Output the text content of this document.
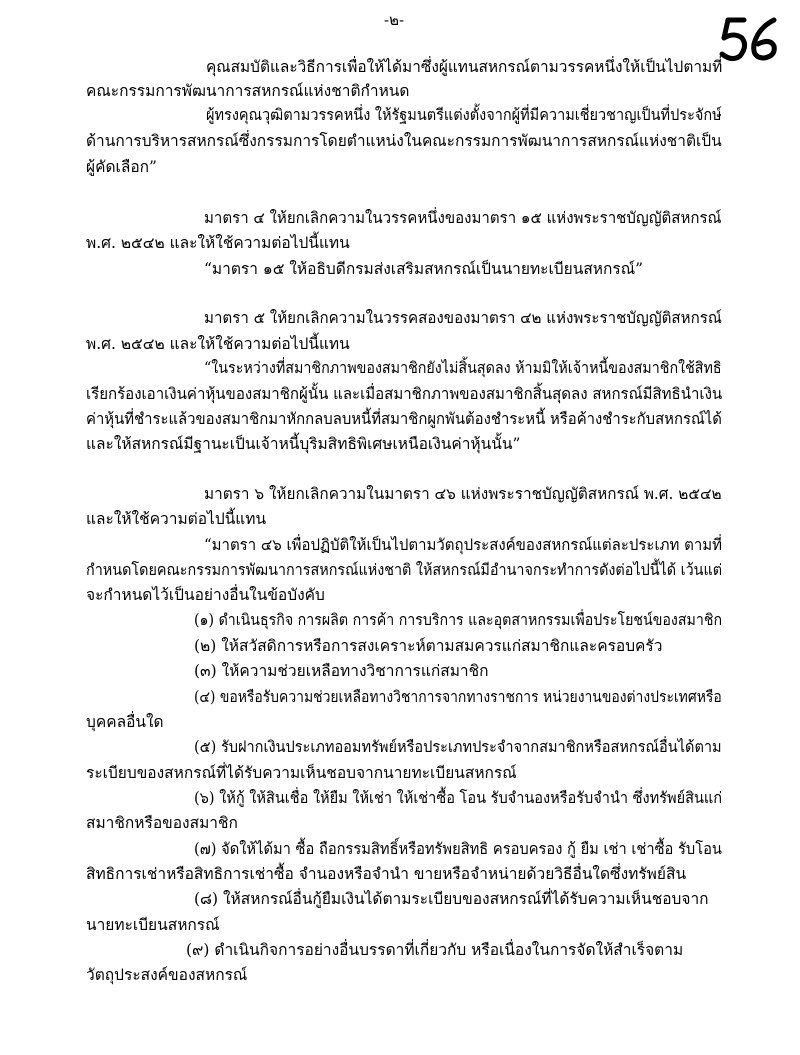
-๒-
คุณสมบัติและวิธีการเพื่อให้ได้มาซึ่งผู้แทนสหกรณ์ตามวรรคหนึ่งให้เป็นไปตามที่
คณะกรรมการพัฒนาการสหกรณ์แห่งชาติกำหนด
ผู้ทรงคุณวุฒิตามวรรคหนึ่ง ให้รัฐมนตรีแต่งตั้งจากผู้ที่มีความเชี่ยวชาญเป็นที่ประจักษ์
ด้านการบริหารสหกรณ์ซึ่งกรรมการโดยตำแหน่งในคณะกรรมการพัฒนาการสหกรณ์แห่งชาติเป็น
ผู้คัดเลือก”
มาตรา ๔ ให้ยกเลิกความในวรรคหนึ่งของมาตรา ๑๕ แห่งพระราชบัญญัติสหกรณ์
พ.ศ. ๒๕๔๒ และให้ใช้ความต่อไปนี้แทน
“มาตรา ๑๕ ให้อธิบดีกรมส่งเสริมสหกรณ์เป็นนายทะเบียนสหกรณ์”
มาตรา ๕ ให้ยกเลิกความในวรรคสองของมาตรา ๔๒ แห่งพระราชบัญญัติสหกรณ์
พ.ศ. ๒๕๔๒ และให้ใช้ความต่อไปนี้แทน
“ในระหว่างที่สมาชิกภาพของสมาชิกยังไม่สิ้นสุดลง ห้ามมิให้เจ้าหนี้ของสมาชิกใช้สิทธิ
เรียกร้องเอาเงินค่าหุ้นของสมาชิกผู้นั้น และเมื่อสมาชิกภาพของสมาชิกสิ้นสุดลง สหกรณ์มีสิทธินำเงิน
ค่าหุ้นที่ชำระแล้วของสมาชิกมาหักกลบลบหนี้ที่สมาชิกผูกพันต้องชำระหนี้ หรือค้างชำระกับสหกรณ์ได้
และให้สหกรณ์มีฐานะเป็นเจ้าหนี้บุริมสิทธิพิเศษเหนือเงินค่าหุ้นนั้น”
มาตรา ๖ ให้ยกเลิกความในมาตรา ๔๖ แห่งพระราชบัญญัติสหกรณ์ พ.ศ. ๒๕๔๒
และให้ใช้ความต่อไปนี้แทน
“มาตรา ๔๖ เพื่อปฏิบัติให้เป็นไปตามวัตถุประสงค์ของสหกรณ์แต่ละประเภท ตามที่
กำหนดโดยคณะกรรมการพัฒนาการสหกรณ์แห่งชาติ ให้สหกรณ์มีอำนาจกระทำการดังต่อไปนี้ได้ เว้นแต่
จะกำหนดไว้เป็นอย่างอื่นในข้อบังคับ
(๑) ดำเนินธุรกิจ การผลิต การค้า การบริการ และอุตสาหกรรมเพื่อประโยชน์ของสมาชิก
(๒) ให้สวัสดิการหรือการสงเคราะห์ตามสมควรแก่สมาชิกและครอบครัว
(๓) ให้ความช่วยเหลือทางวิชาการแก่สมาชิก
(๔) ขอหรือรับความช่วยเหลือทางวิชาการจากทางราชการ หน่วยงานของต่างประเทศหรือ
บุคคลอื่นใด
(๕) รับฝากเงินประเภทออมทรัพย์หรือประเภทประจำจากสมาชิกหรือสหกรณ์อื่นได้ตาม
ระเบียบของสหกรณ์ที่ได้รับความเห็นชอบจากนายทะเบียนสหกรณ์
(๖) ให้กู้ ให้สินเชื่อ ให้ยืม ให้เช่า ให้เช่าซื้อ โอน รับจำนองหรือรับจำนำ ซึ่งทรัพย์สินแก่
สมาชิกหรือของสมาชิก
(๗) จัดให้ได้มา ซื้อ ถือกรรมสิทธิ์หรือทรัพยสิทธิ ครอบครอง กู้ ยืม เช่า เช่าซื้อ รับโอน
สิทธิการเช่าหรือสิทธิการเช่าซื้อ จำนองหรือจำนำ ขายหรือจำหน่ายด้วยวิธีอื่นใดซึ่งทรัพย์สิน
(๘) ให้สหกรณ์อื่นกู้ยืมเงินได้ตามระเบียบของสหกรณ์ที่ได้รับความเห็นชอบจาก
นายทะเบียนสหกรณ์
(๙) ดำเนินกิจการอย่างอื่นบรรดาที่เกี่ยวกับ หรือเนื่องในการจัดให้สำเร็จตาม
วัตถุประสงค์ของสหกรณ์
